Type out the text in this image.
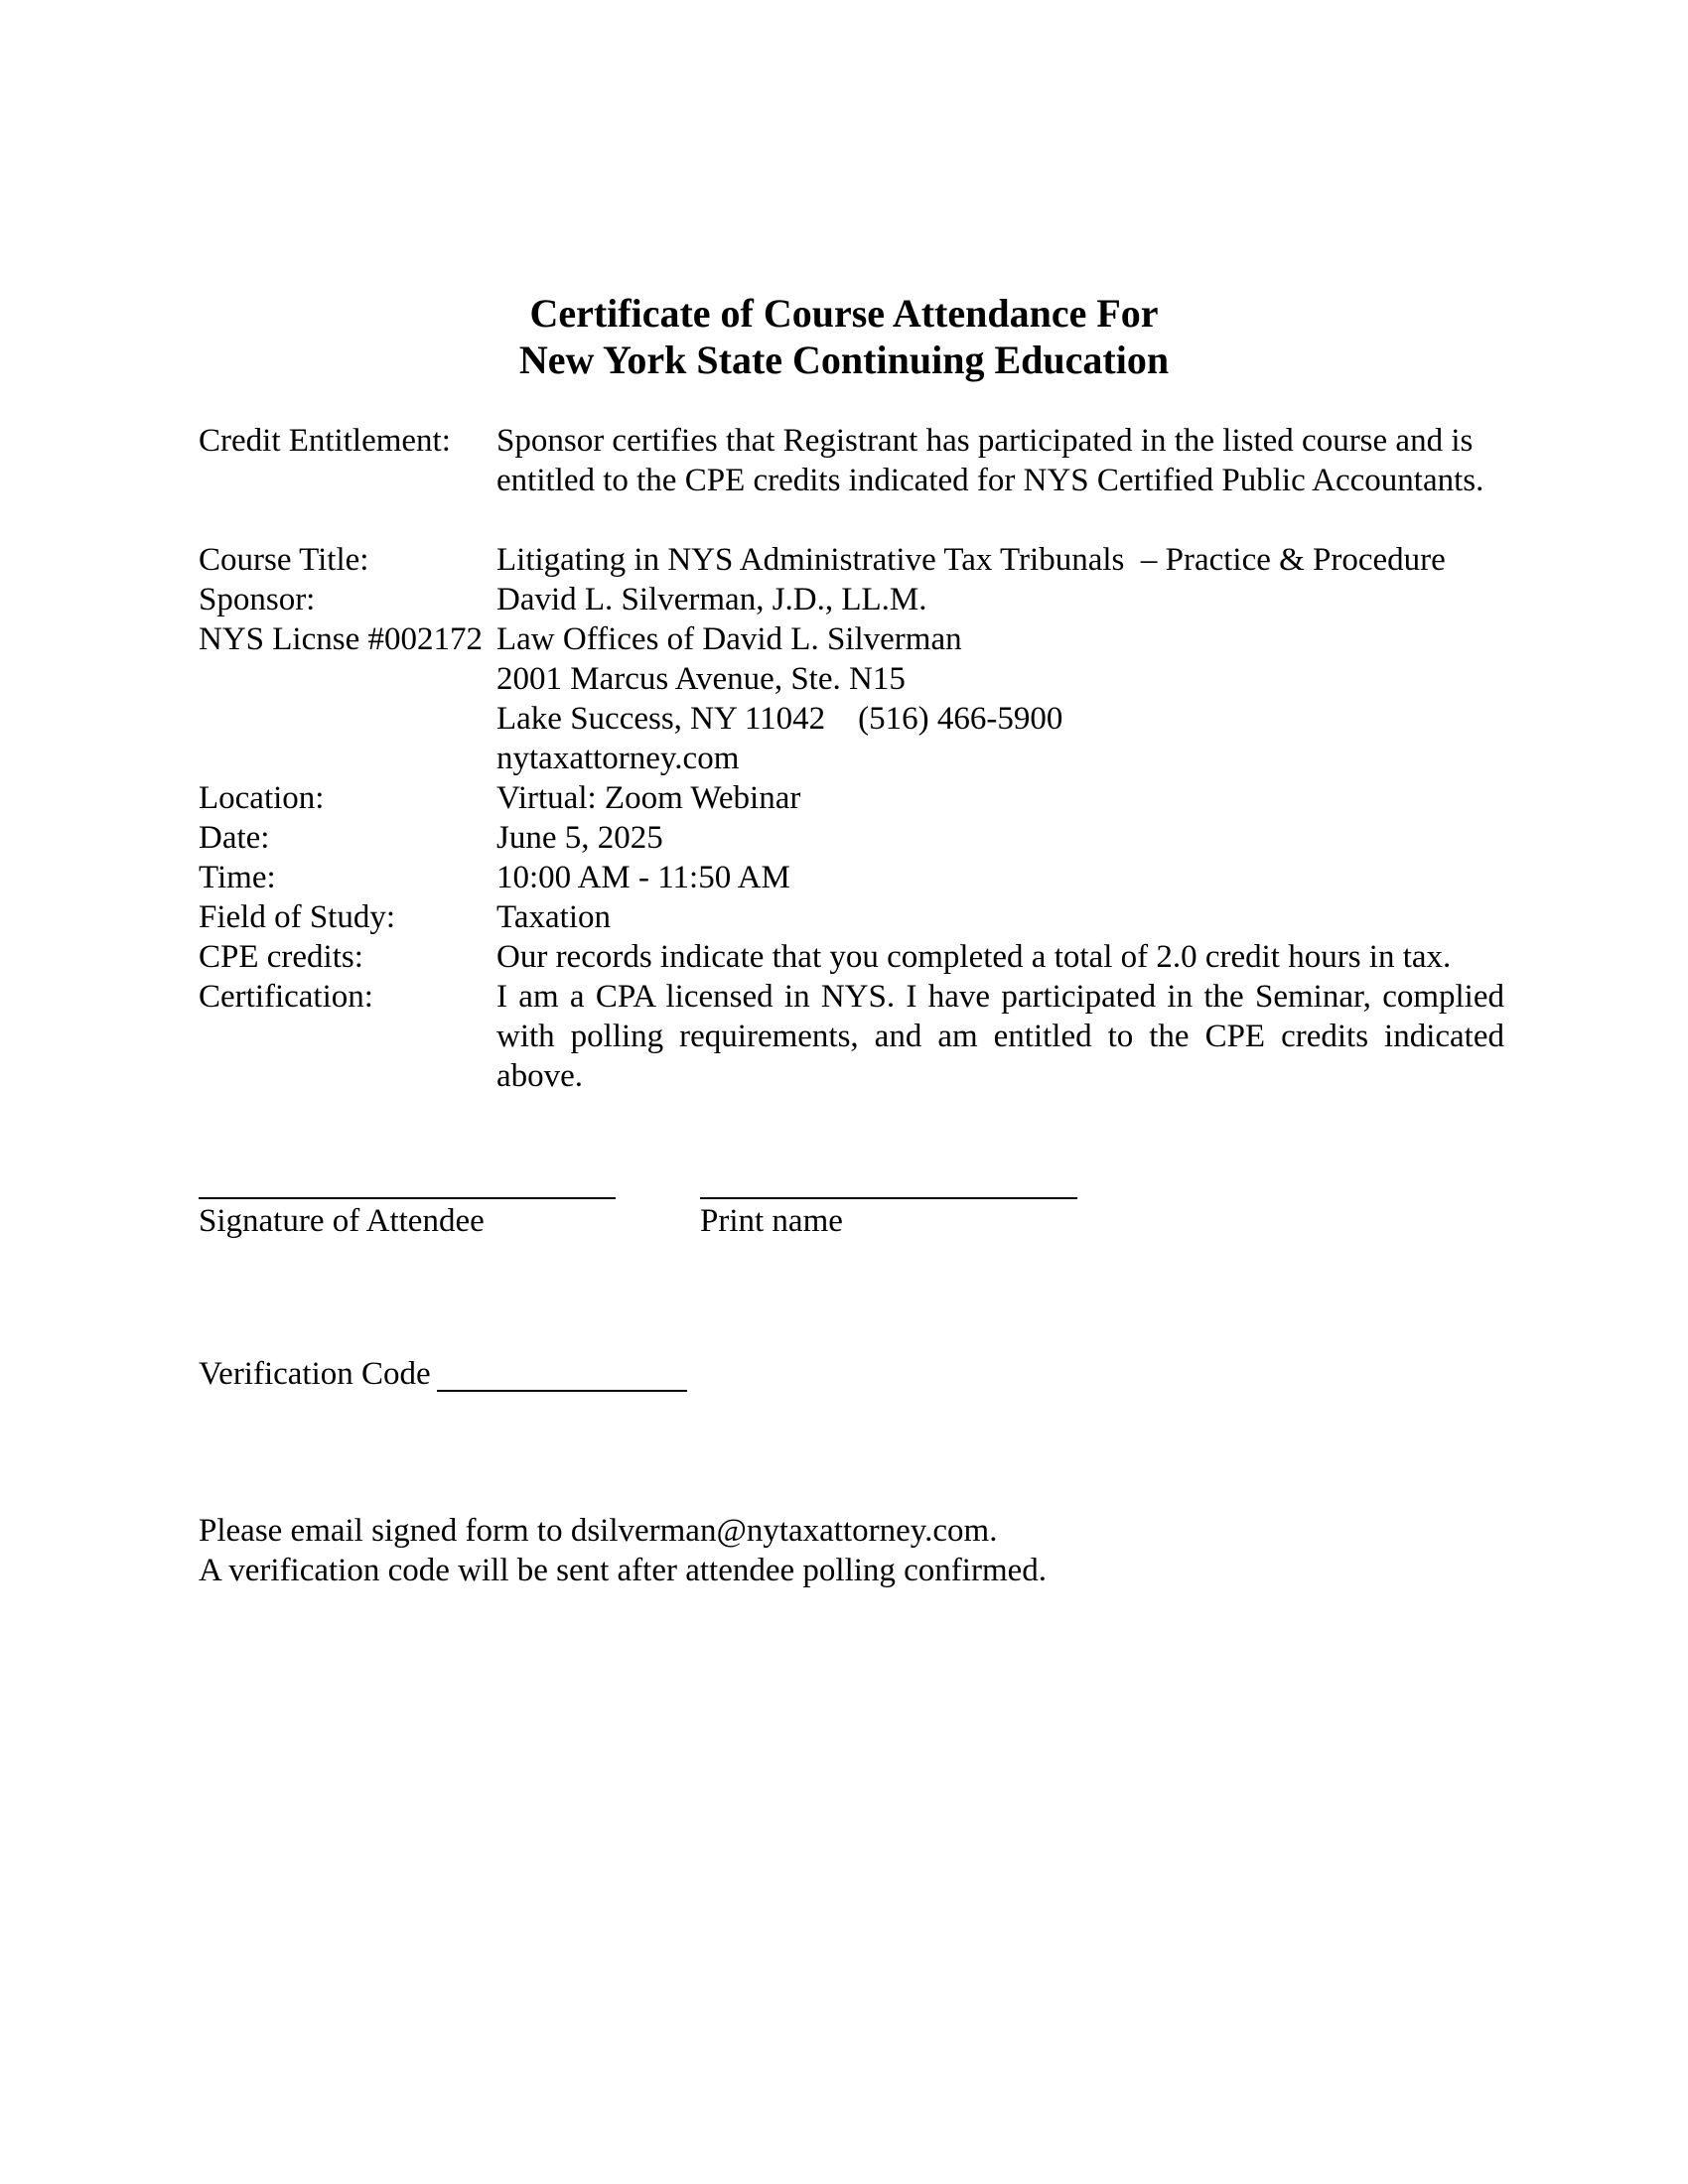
Certificate of Course Attendance For
New York State Continuing Education
Credit Entitlement:	Sponsor certifies that Registrant has participated in the listed course and is entitled to the CPE credits indicated for NYS Certified Public Accountants.
Course Title:	Litigating in NYS Administrative Tax Tribunals  – Practice & Procedure
Sponsor:	David L. Silverman, J.D., LL.M.
NYS Licnse #002172 Law Offices of David L. Silverman
2001 Marcus Avenue, Ste. N15
Lake Success, NY 11042    (516) 466-5900
nytaxattorney.com
Location:	Virtual: Zoom Webinar
Date:	June 5, 2025
Time:	10:00 AM - 11:50 AM
Field of Study:	Taxation
CPE credits:	Our records indicate that you completed a total of 2.0 credit hours in tax.
Certification:	I am a CPA licensed in NYS. I have participated in the Seminar, complied with polling requirements, and am entitled to the CPE credits indicated above.
Signature of Attendee	Print name
Verification Code
Please email signed form to dsilverman@nytaxattorney.com.
A verification code will be sent after attendee polling confirmed.
